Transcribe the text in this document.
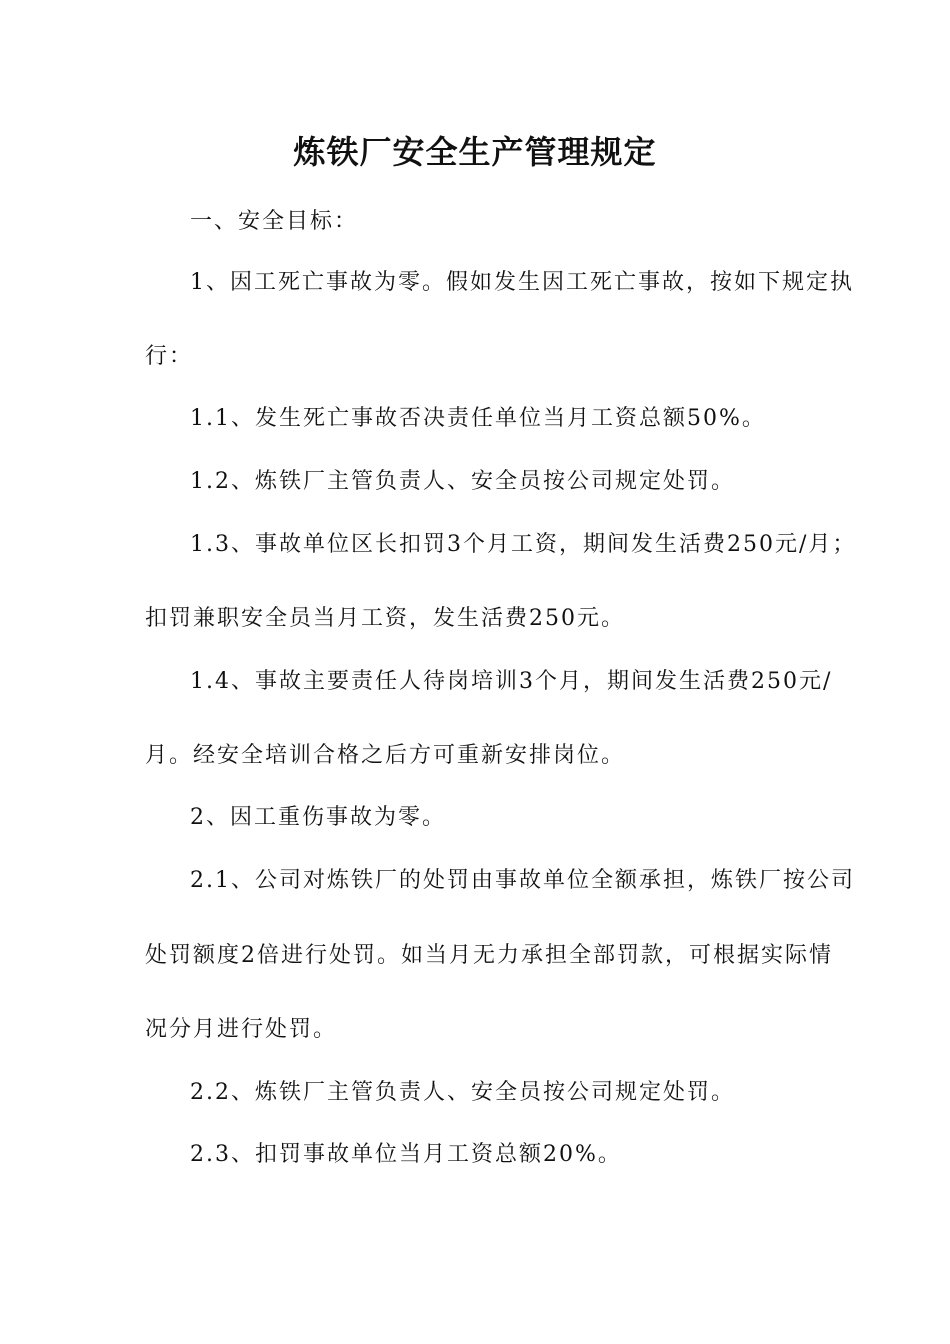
炼铁厂安全生产管理规定

一、安全目标：

1、因工死亡事故为零。假如发生因工死亡事故，按如下规定执

行：

1.1、发生死亡事故否决责任单位当月工资总额50%。

1.2、炼铁厂主管负责人、安全员按公司规定处罚。

1.3、事故单位区长扣罚3个月工资，期间发生活费250元/月；

扣罚兼职安全员当月工资，发生活费250元。

1.4、事故主要责任人待岗培训3个月，期间发生活费250元/

月。经安全培训合格之后方可重新安排岗位。

2、因工重伤事故为零。

2.1、公司对炼铁厂的处罚由事故单位全额承担，炼铁厂按公司

处罚额度2倍进行处罚。如当月无力承担全部罚款，可根据实际情

况分月进行处罚。

2.2、炼铁厂主管负责人、安全员按公司规定处罚。

2.3、扣罚事故单位当月工资总额20%。
